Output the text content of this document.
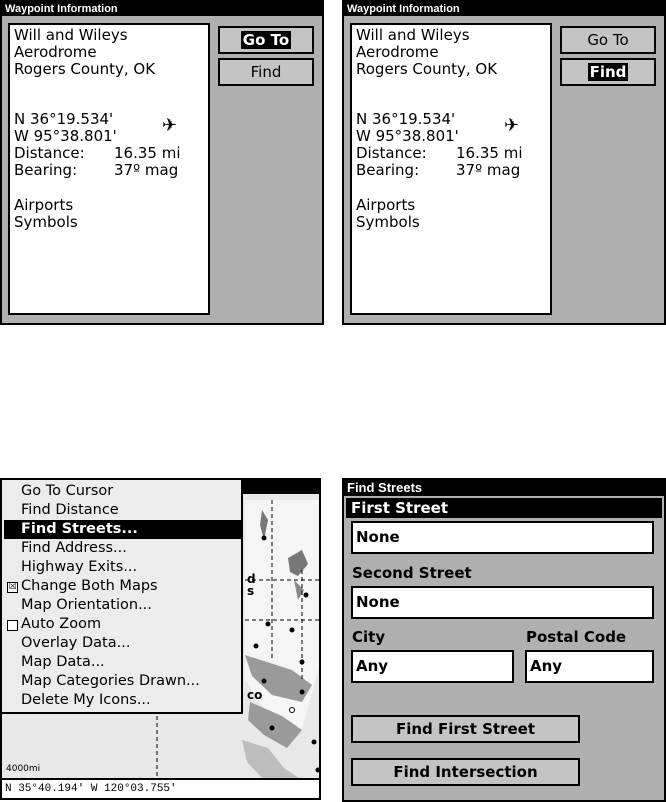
Waypoint Information
Will and Wileys
Aerodrome
Rogers County, OK
N 36°19.534'
W 95°38.801'	✈
Distance: 16.35 mi
Bearing: 37º mag
Airports
Symbols
Go To
Find
Waypoint Information
Will and Wileys
Aerodrome
Rogers County, OK
N 36°19.534'
W 95°38.801'	✈
Distance: 16.35 mi
Bearing: 37º mag
Airports
Symbols
Go To
Find
d
s
co
4000mi
N 35°40.194' W 120°03.755'
Go To Cursor
Find Distance
Find Streets...
Find Address...
Highway Exits...
☒ Change Both Maps
Map Orientation...
Auto Zoom
Overlay Data...
Map Data...
Map Categories Drawn...
Delete My Icons...
Find Streets
First Street
None
Second Street
None
City	Postal Code
Any	Any
Find First Street
Find Intersection
